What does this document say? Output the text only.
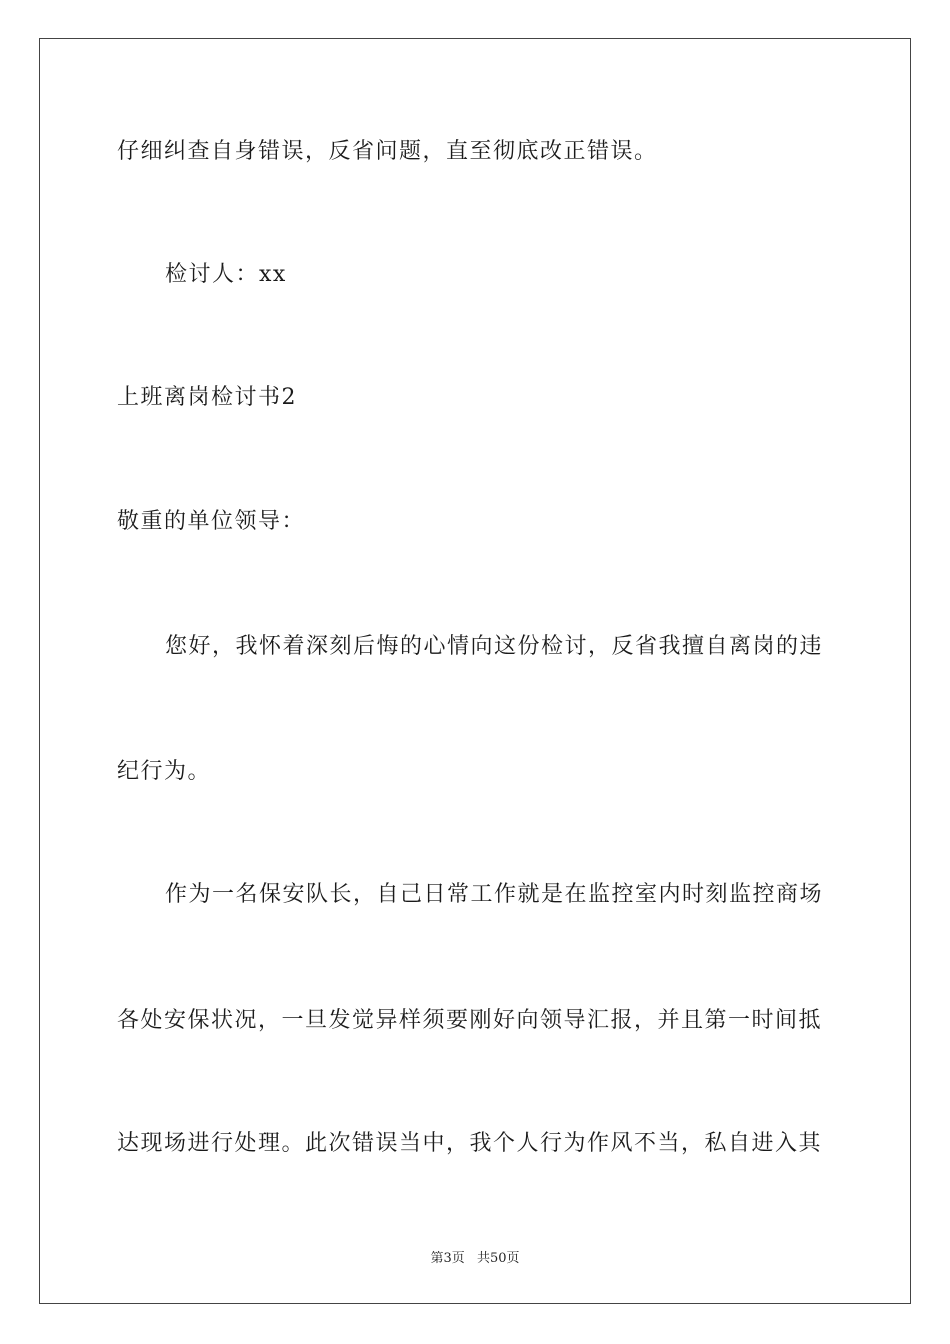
仔细纠查自身错误，反省问题，直至彻底改正错误。
检讨人：xx
上班离岗检讨书2
敬重的单位领导：
您好，我怀着深刻后悔的心情向这份检讨，反省我擅自离岗的违
纪行为。
作为一名保安队长，自己日常工作就是在监控室内时刻监控商场
各处安保状况，一旦发觉异样须要刚好向领导汇报，并且第一时间抵
达现场进行处理。此次错误当中，我个人行为作风不当，私自进入其
第3页 共50页
